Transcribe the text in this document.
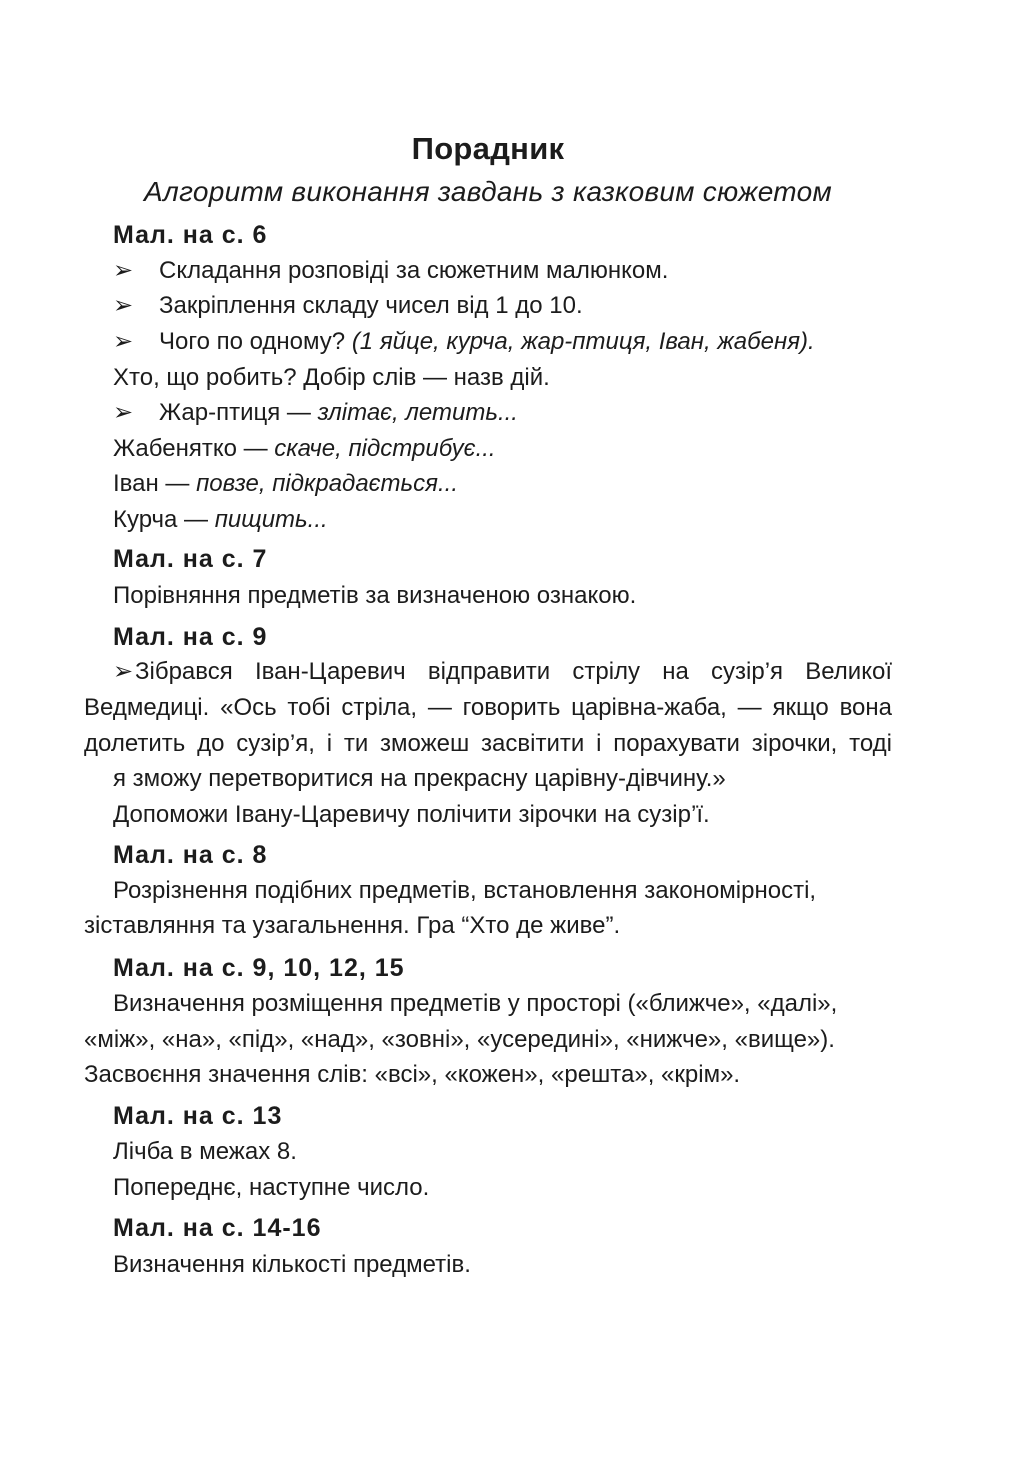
Порадник
Алгоритм виконання завдань з казковим сюжетом
Мал. на с. 6
➢ Складання розповіді за сюжетним малюнком.
➢ Закріплення складу чисел від 1 до 10.
➢ Чого по одному? (1 яйце, курча, жар-птиця, Іван, жабеня).
Хто, що робить? Добір слів — назв дій.
➢ Жар-птиця — злітає, летить...
Жабенятко — скаче, підстрибує...
Іван — повзе, підкрадається...
Курча — пищить...
Мал. на с. 7
Порівняння предметів за визначеною ознакою.
Мал. на с. 9
➢Зібрався Іван-Царевич відправити стрілу на сузір’я Великої
Ведмедиці. «Ось тобі стріла, — говорить царівна-жаба, — якщо вона
долетить до сузір’я, і ти зможеш засвітити і порахувати зірочки, тоді
я зможу перетворитися на прекрасну царівну-дівчину.»
Допоможи Івану-Царевичу полічити зірочки на сузір’ї.
Мал. на с. 8
Розрізнення подібних предметів, встановлення закономірності,
зіставляння та узагальнення. Гра “Хто де живе”.
Мал. на с. 9, 10, 12, 15
Визначення розміщення предметів у просторі («ближче», «далі»,
«між», «на», «під», «над», «зовні», «усередині», «нижче», «вище»).
Засвоєння значення слів: «всі», «кожен», «решта», «крім».
Мал. на с. 13
Лічба в межах 8.
Попереднє, наступне число.
Мал. на с. 14-16
Визначення кількості предметів.
